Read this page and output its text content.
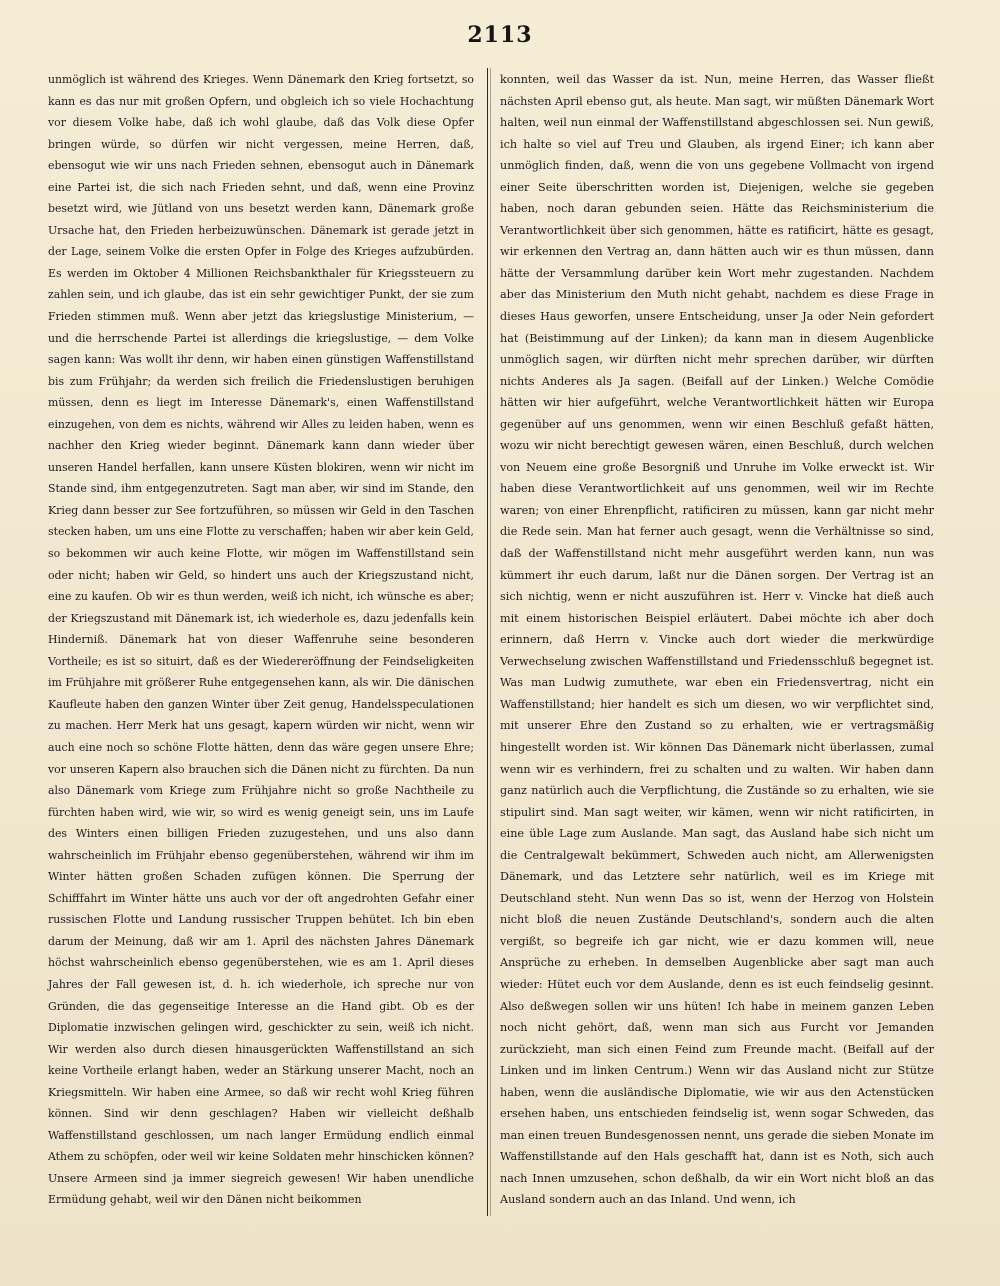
2113

unmöglich ist während des Krieges. Wenn Dänemark den Krieg fortsetzt, so kann es das nur mit großen Opfern, und obgleich ich so viele Hochachtung vor diesem Volke habe, daß ich wohl glaube, daß das Volk diese Opfer bringen würde, so dürfen wir nicht vergessen, meine Herren, daß, ebensogut wie wir uns nach Frieden sehnen, ebensogut auch in Dänemark eine Partei ist, die sich nach Frieden sehnt, und daß, wenn eine Provinz besetzt wird, wie Jütland von uns besetzt werden kann, Dänemark große Ursache hat, den Frieden herbeizuwünschen. Dänemark ist gerade jetzt in der Lage, seinem Volke die ersten Opfer in Folge des Krieges aufzubürden. Es werden im Oktober 4 Millionen Reichsbankthaler für Kriegssteuern zu zahlen sein, und ich glaube, das ist ein sehr gewichtiger Punkt, der sie zum Frieden stimmen muß. Wenn aber jetzt das kriegslustige Ministerium, — und die herrschende Partei ist allerdings die kriegslustige, — dem Volke sagen kann: Was wollt ihr denn, wir haben einen günstigen Waffenstillstand bis zum Frühjahr; da werden sich freilich die Friedenslustigen beruhigen müssen, denn es liegt im Interesse Dänemark's, einen Waffenstillstand einzugehen, von dem es nichts, während wir Alles zu leiden haben, wenn es nachher den Krieg wieder beginnt. Dänemark kann dann wieder über unseren Handel herfallen, kann unsere Küsten blokiren, wenn wir nicht im Stande sind, ihm entgegenzutreten. Sagt man aber, wir sind im Stande, den Krieg dann besser zur See fortzuführen, so müssen wir Geld in den Taschen stecken haben, um uns eine Flotte zu verschaffen; haben wir aber kein Geld, so bekommen wir auch keine Flotte, wir mögen im Waffenstillstand sein oder nicht; haben wir Geld, so hindert uns auch der Kriegszustand nicht, eine zu kaufen. Ob wir es thun werden, weiß ich nicht, ich wünsche es aber; der Kriegszustand mit Dänemark ist, ich wiederhole es, dazu jedenfalls kein Hinderniß. Dänemark hat von dieser Waffenruhe seine besonderen Vortheile; es ist so situirt, daß es der Wiedereröffnung der Feindseligkeiten im Frühjahre mit größerer Ruhe entgegensehen kann, als wir. Die dänischen Kaufleute haben den ganzen Winter über Zeit genug, Handelsspeculationen zu machen. Herr Merk hat uns gesagt, kapern würden wir nicht, wenn wir auch eine noch so schöne Flotte hätten, denn das wäre gegen unsere Ehre; vor unseren Kapern also brauchen sich die Dänen nicht zu fürchten. Da nun also Dänemark vom Kriege zum Frühjahre nicht so große Nachtheile zu fürchten haben wird, wie wir, so wird es wenig geneigt sein, uns im Laufe des Winters einen billigen Frieden zuzugestehen, und uns also dann wahrscheinlich im Frühjahr ebenso gegenüberstehen, während wir ihm im Winter hätten großen Schaden zufügen können. Die Sperrung der Schifffahrt im Winter hätte uns auch vor der oft angedrohten Gefahr einer russischen Flotte und Landung russischer Truppen behütet. Ich bin eben darum der Meinung, daß wir am 1. April des nächsten Jahres Dänemark höchst wahrscheinlich ebenso gegenüberstehen, wie es am 1. April dieses Jahres der Fall gewesen ist, d. h. ich wiederhole, ich spreche nur von Gründen, die das gegenseitige Interesse an die Hand gibt. Ob es der Diplomatie inzwischen gelingen wird, geschickter zu sein, weiß ich nicht. Wir werden also durch diesen hinausgerückten Waffenstillstand an sich keine Vortheile erlangt haben, weder an Stärkung unserer Macht, noch an Kriegsmitteln. Wir haben eine Armee, so daß wir recht wohl Krieg führen können. Sind wir denn geschlagen? Haben wir vielleicht deßhalb Waffenstillstand geschlossen, um nach langer Ermüdung endlich einmal Athem zu schöpfen, oder weil wir keine Soldaten mehr hinschicken können? Unsere Armeen sind ja immer siegreich gewesen! Wir haben unendliche Ermüdung gehabt, weil wir den Dänen nicht beikommen

konnten, weil das Wasser da ist. Nun, meine Herren, das Wasser fließt nächsten April ebenso gut, als heute. Man sagt, wir müßten Dänemark Wort halten, weil nun einmal der Waffenstillstand abgeschlossen sei. Nun gewiß, ich halte so viel auf Treu und Glauben, als irgend Einer; ich kann aber unmöglich finden, daß, wenn die von uns gegebene Vollmacht von irgend einer Seite überschritten worden ist, Diejenigen, welche sie gegeben haben, noch daran gebunden seien. Hätte das Reichsministerium die Verantwortlichkeit über sich genommen, hätte es ratificirt, hätte es gesagt, wir erkennen den Vertrag an, dann hätten auch wir es thun müssen, dann hätte der Versammlung darüber kein Wort mehr zugestanden. Nachdem aber das Ministerium den Muth nicht gehabt, nachdem es diese Frage in dieses Haus geworfen, unsere Entscheidung, unser Ja oder Nein gefordert hat (Beistimmung auf der Linken); da kann man in diesem Augenblicke unmöglich sagen, wir dürften nicht mehr sprechen darüber, wir dürften nichts Anderes als Ja sagen. (Beifall auf der Linken.) Welche Comödie hätten wir hier aufgeführt, welche Verantwortlichkeit hätten wir Europa gegenüber auf uns genommen, wenn wir einen Beschluß gefaßt hätten, wozu wir nicht berechtigt gewesen wären, einen Beschluß, durch welchen von Neuem eine große Besorgniß und Unruhe im Volke erweckt ist. Wir haben diese Verantwortlichkeit auf uns genommen, weil wir im Rechte waren; von einer Ehrenpflicht, ratificiren zu müssen, kann gar nicht mehr die Rede sein. Man hat ferner auch gesagt, wenn die Verhältnisse so sind, daß der Waffenstillstand nicht mehr ausgeführt werden kann, nun was kümmert ihr euch darum, laßt nur die Dänen sorgen. Der Vertrag ist an sich nichtig, wenn er nicht auszuführen ist. Herr v. Vincke hat dieß auch mit einem historischen Beispiel erläutert. Dabei möchte ich aber doch erinnern, daß Herrn v. Vincke auch dort wieder die merkwürdige Verwechselung zwischen Waffenstillstand und Friedensschluß begegnet ist. Was man Ludwig zumuthete, war eben ein Friedensvertrag, nicht ein Waffenstillstand; hier handelt es sich um diesen, wo wir verpflichtet sind, mit unserer Ehre den Zustand so zu erhalten, wie er vertragsmäßig hingestellt worden ist. Wir können Das Dänemark nicht überlassen, zumal wenn wir es verhindern, frei zu schalten und zu walten. Wir haben dann ganz natürlich auch die Verpflichtung, die Zustände so zu erhalten, wie sie stipulirt sind. Man sagt weiter, wir kämen, wenn wir nicht ratificirten, in eine üble Lage zum Auslande. Man sagt, das Ausland habe sich nicht um die Centralgewalt bekümmert, Schweden auch nicht, am Allerwenigsten Dänemark, und das Letztere sehr natürlich, weil es im Kriege mit Deutschland steht. Nun wenn Das so ist, wenn der Herzog von Holstein nicht bloß die neuen Zustände Deutschland's, sondern auch die alten vergißt, so begreife ich gar nicht, wie er dazu kommen will, neue Ansprüche zu erheben. In demselben Augenblicke aber sagt man auch wieder: Hütet euch vor dem Auslande, denn es ist euch feindselig gesinnt. Also deßwegen sollen wir uns hüten! Ich habe in meinem ganzen Leben noch nicht gehört, daß, wenn man sich aus Furcht vor Jemanden zurückzieht, man sich einen Feind zum Freunde macht. (Beifall auf der Linken und im linken Centrum.) Wenn wir das Ausland nicht zur Stütze haben, wenn die ausländische Diplomatie, wie wir aus den Actenstücken ersehen haben, uns entschieden feindselig ist, wenn sogar Schweden, das man einen treuen Bundesgenossen nennt, uns gerade die sieben Monate im Waffenstillstande auf den Hals geschafft hat, dann ist es Noth, sich auch nach Innen umzusehen, schon deßhalb, da wir ein Wort nicht bloß an das Ausland sondern auch an das Inland. Und wenn, ich
